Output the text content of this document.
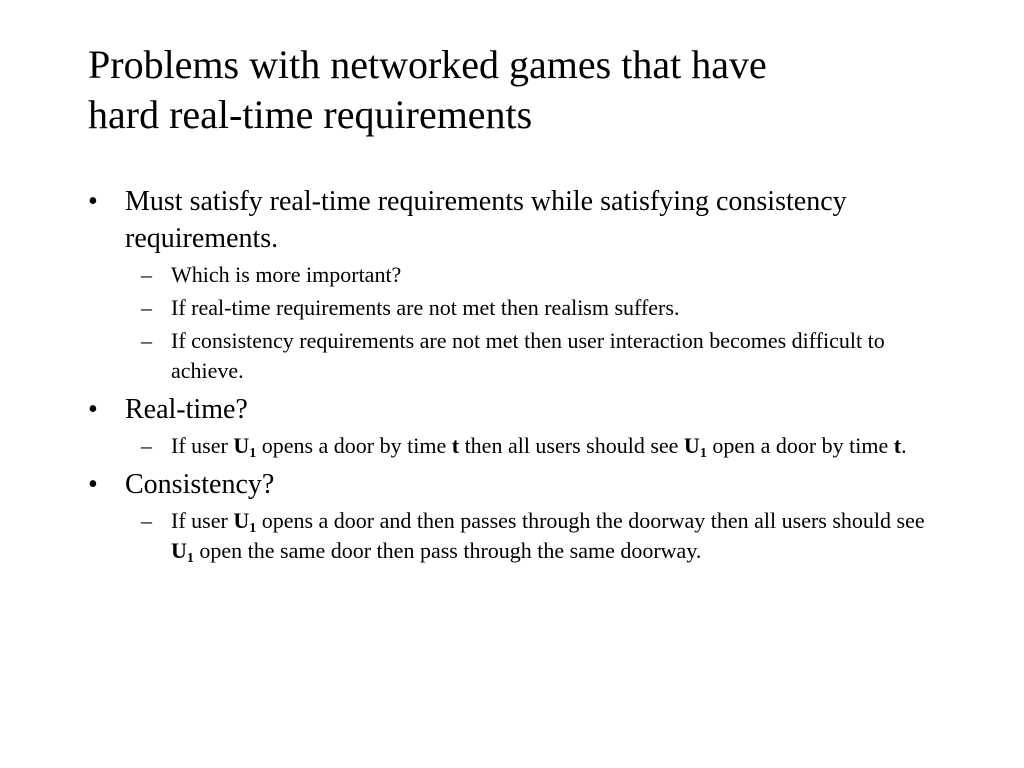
Problems with networked games that have
hard real-time requirements
• Must satisfy real-time requirements while satisfying consistency requirements.
– Which is more important?
– If real-time requirements are not met then realism suffers.
– If consistency requirements are not met then user interaction becomes difficult to achieve.
• Real-time?
– If user $U_1$ opens a door by time t then all users should see $U_1$ open a door by time t.
• Consistency?
– If user $U_1$ opens a door and then passes through the doorway then all users should see $U_1$ open the same door then pass through the same doorway.
